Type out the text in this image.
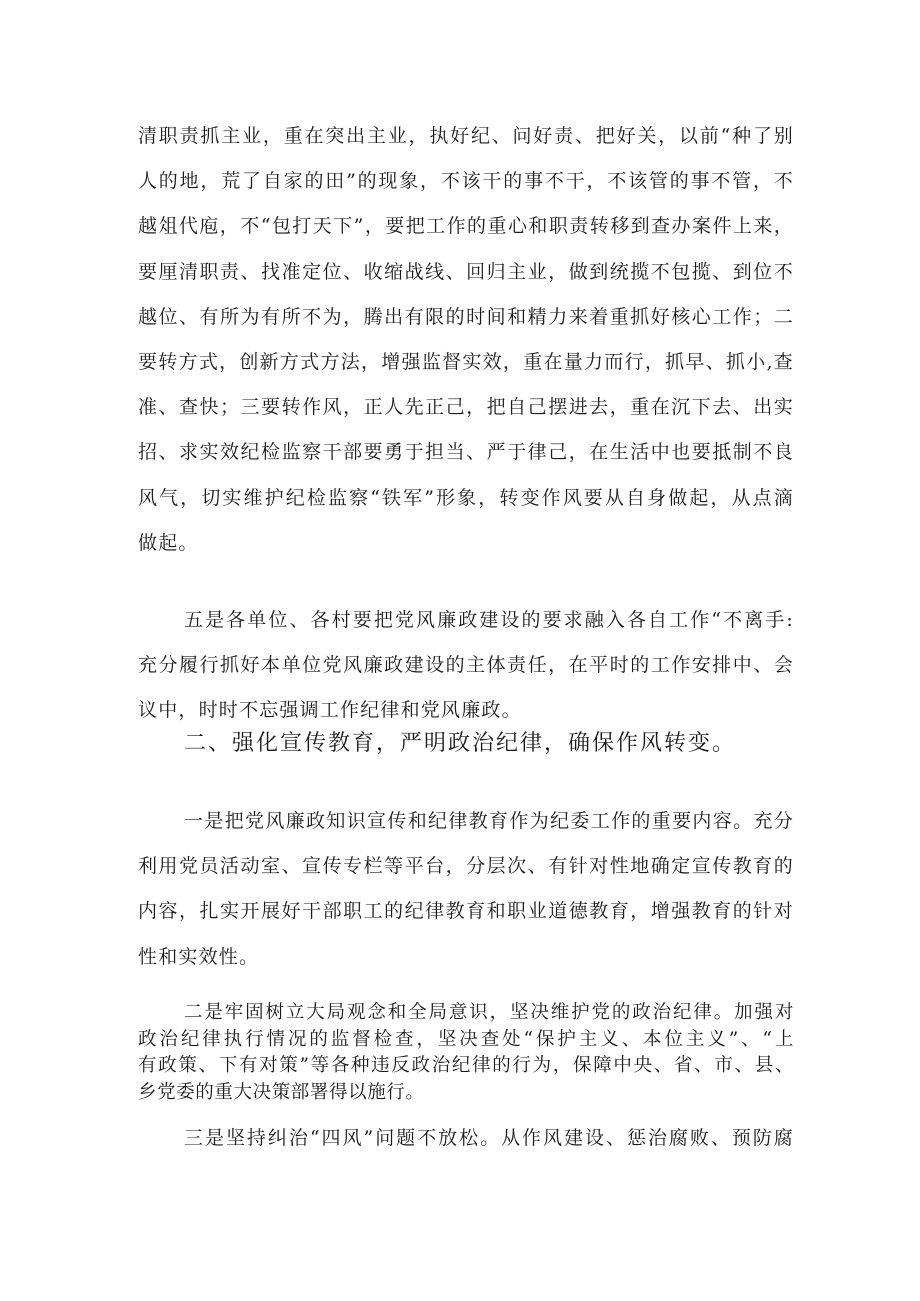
清职责抓主业，重在突出主业，执好纪、问好责、把好关，以前“种了别
人的地，荒了自家的田”的现象，不该干的事不干，不该管的事不管，不
越俎代庖，不“包打天下”，要把工作的重心和职责转移到查办案件上来，
要厘清职责、找准定位、收缩战线、回归主业，做到统揽不包揽、到位不
越位、有所为有所不为，腾出有限的时间和精力来着重抓好核心工作；二
要转方式，创新方式方法，增强监督实效，重在量力而行，抓早、抓小,查
准、查快；三要转作风，正人先正己，把自己摆进去，重在沉下去、出实
招、求实效纪检监察干部要勇于担当、严于律己，在生活中也要抵制不良
风气，切实维护纪检监察“铁军”形象，转变作风要从自身做起，从点滴
做起。
五是各单位、各村要把党风廉政建设的要求融入各自工作“不离手:
充分履行抓好本单位党风廉政建设的主体责任，在平时的工作安排中、会
议中，时时不忘强调工作纪律和党风廉政。
二、强化宣传教育，严明政治纪律，确保作风转变。
一是把党风廉政知识宣传和纪律教育作为纪委工作的重要内容。充分
利用党员活动室、宣传专栏等平台，分层次、有针对性地确定宣传教育的
内容，扎实开展好干部职工的纪律教育和职业道德教育，增强教育的针对
性和实效性。
二是牢固树立大局观念和全局意识，坚决维护党的政治纪律。加强对
政治纪律执行情况的监督检查，坚决查处“保护主义、本位主义”、“上
有政策、下有对策”等各种违反政治纪律的行为，保障中央、省、市、县、
乡党委的重大决策部署得以施行。
三是坚持纠治“四风”问题不放松。从作风建设、惩治腐败、预防腐
